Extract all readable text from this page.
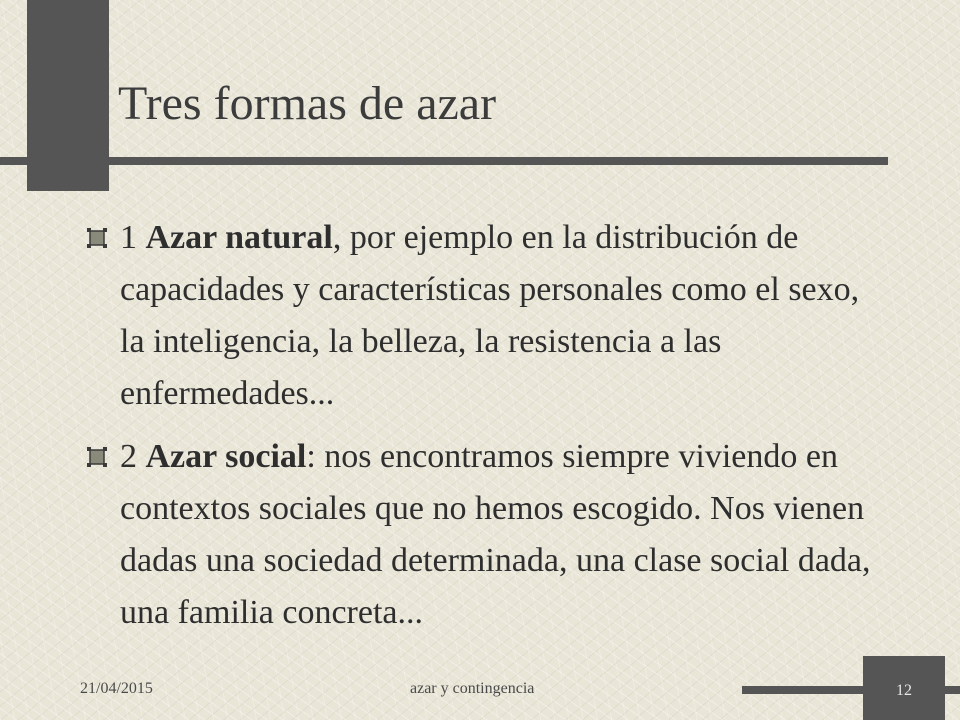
Tres formas de azar

1 Azar natural, por ejemplo en la distribución de capacidades y características personales como el sexo, la inteligencia, la belleza, la resistencia a las enfermedades...

2 Azar social: nos encontramos siempre viviendo en contextos sociales que no hemos escogido. Nos vienen dadas una sociedad determinada, una clase social dada, una familia concreta...

21/04/2015	azar y contingencia	12
